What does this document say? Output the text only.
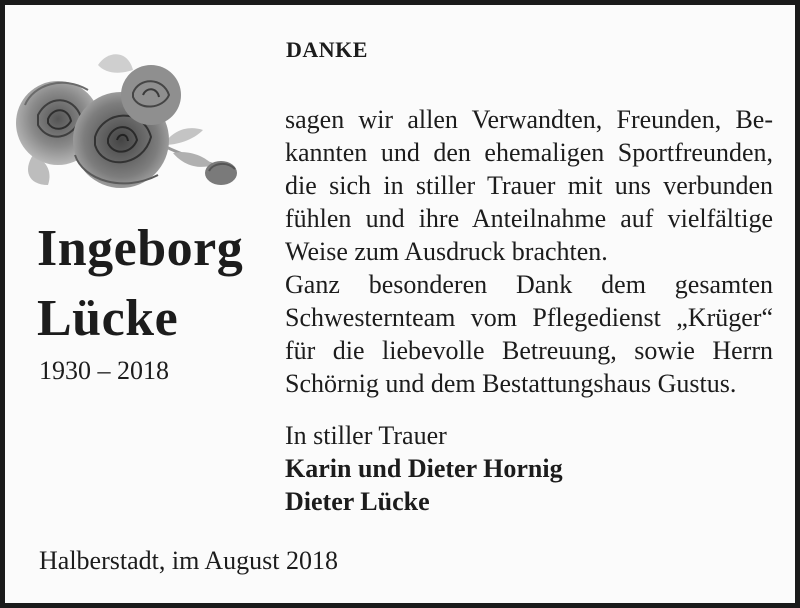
Ingeborg
Lücke
1930 – 2018
DANKE
sagen wir allen Verwandten, Freunden, Be-
kannten und den ehemaligen Sportfreunden,
die sich in stiller Trauer mit uns verbunden
fühlen und ihre Anteilnahme auf vielfältige
Weise zum Ausdruck brachten.
Ganz besonderen Dank dem gesamten
Schwesternteam vom Pflegedienst „Krüger“
für die liebevolle Betreuung, sowie Herrn
Schörnig und dem Bestattungshaus Gustus.
In stiller Trauer
Karin und Dieter Hornig
Dieter Lücke
Halberstadt, im August 2018
